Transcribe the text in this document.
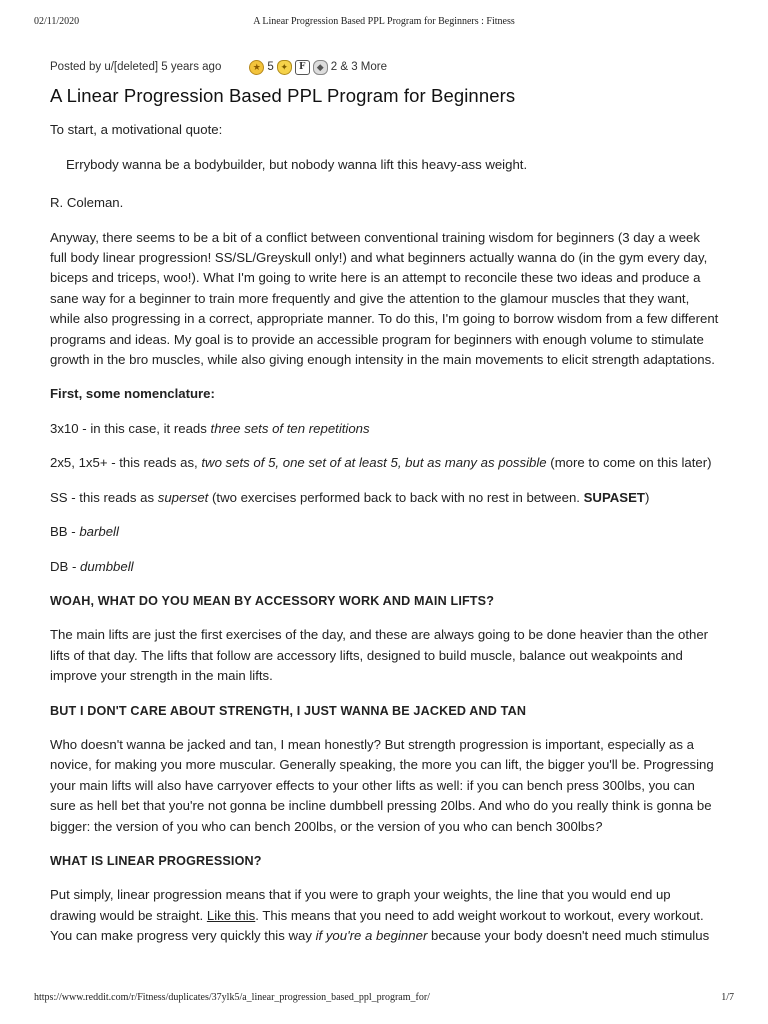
02/11/2020	A Linear Progression Based PPL Program for Beginners : Fitness
Posted by u/[deleted] 5 years ago	★ 5 ✦	F	◆ 2 & 3 More
A Linear Progression Based PPL Program for Beginners

To start, a motivational quote:

Errybody wanna be a bodybuilder, but nobody wanna lift this heavy-ass weight.

R. Coleman.

Anyway, there seems to be a bit of a conflict between conventional training wisdom for beginners (3 day a week full body linear progression! SS/SL/Greyskull only!) and what beginners actually wanna do (in the gym every day, biceps and triceps, woo!). What I'm going to write here is an attempt to reconcile these two ideas and produce a sane way for a beginner to train more frequently and give the attention to the glamour muscles that they want, while also progressing in a correct, appropriate manner. To do this, I'm going to borrow wisdom from a few different programs and ideas. My goal is to provide an accessible program for beginners with enough volume to stimulate growth in the bro muscles, while also giving enough intensity in the main movements to elicit strength adaptations.

First, some nomenclature:

3x10 - in this case, it reads three sets of ten repetitions

2x5, 1x5+ - this reads as, two sets of 5, one set of at least 5, but as many as possible (more to come on this later)

SS - this reads as superset (two exercises performed back to back with no rest in between. SUPASET)

BB - barbell

DB - dumbbell

WOAH, WHAT DO YOU MEAN BY ACCESSORY WORK AND MAIN LIFTS?

The main lifts are just the first exercises of the day, and these are always going to be done heavier than the other lifts of that day. The lifts that follow are accessory lifts, designed to build muscle, balance out weakpoints and improve your strength in the main lifts.

BUT I DON'T CARE ABOUT STRENGTH, I JUST WANNA BE JACKED AND TAN

Who doesn't wanna be jacked and tan, I mean honestly? But strength progression is important, especially as a novice, for making you more muscular. Generally speaking, the more you can lift, the bigger you'll be. Progressing your main lifts will also have carryover effects to your other lifts as well: if you can bench press 300lbs, you can sure as hell bet that you're not gonna be incline dumbbell pressing 20lbs. And who do you really think is gonna be bigger: the version of you who can bench 200lbs, or the version of you who can bench 300lbs?

WHAT IS LINEAR PROGRESSION?

Put simply, linear progression means that if you were to graph your weights, the line that you would end up drawing would be straight. Like this. This means that you need to add weight workout to workout, every workout. You can make progress very quickly this way if you're a beginner because your body doesn't need much stimulus

https://www.reddit.com/r/Fitness/duplicates/37ylk5/a_linear_progression_based_ppl_program_for/	1/7
